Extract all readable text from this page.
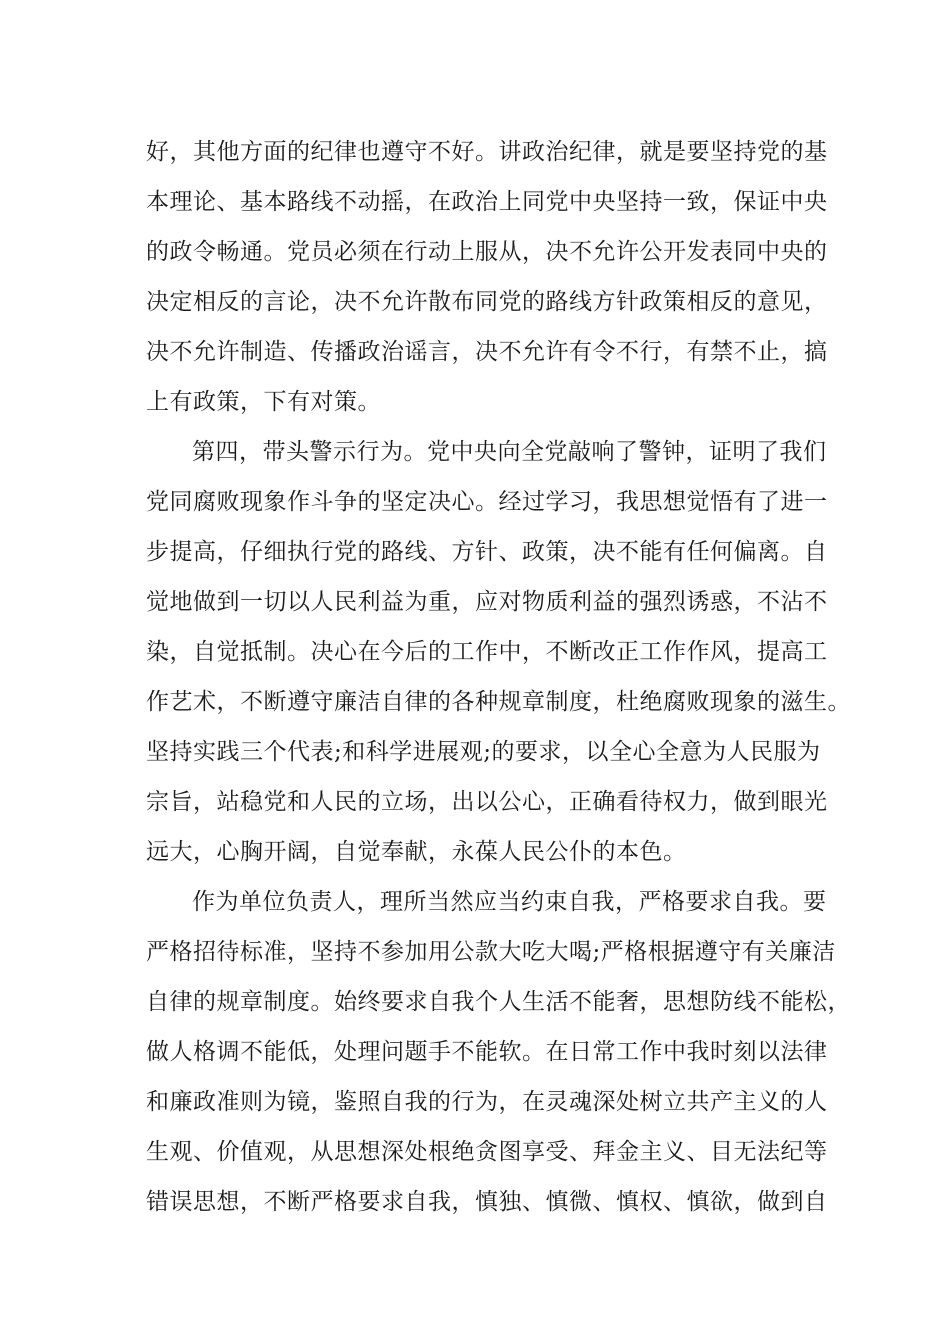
好，其他方面的纪律也遵守不好。讲政治纪律，就是要坚持党的基
本理论、基本路线不动摇，在政治上同党中央坚持一致，保证中央
的政令畅通。党员必须在行动上服从，决不允许公开发表同中央的
决定相反的言论，决不允许散布同党的路线方针政策相反的意见，
决不允许制造、传播政治谣言，决不允许有令不行，有禁不止，搞
上有政策，下有对策。
第四，带头警示行为。党中央向全党敲响了警钟，证明了我们
党同腐败现象作斗争的坚定决心。经过学习，我思想觉悟有了进一
步提高，仔细执行党的路线、方针、政策，决不能有任何偏离。自
觉地做到一切以人民利益为重，应对物质利益的强烈诱惑，不沾不
染，自觉抵制。决心在今后的工作中，不断改正工作作风，提高工
作艺术，不断遵守廉洁自律的各种规章制度，杜绝腐败现象的滋生。
坚持实践三个代表;和科学进展观;的要求，以全心全意为人民服为
宗旨，站稳党和人民的立场，出以公心，正确看待权力，做到眼光
远大，心胸开阔，自觉奉献，永葆人民公仆的本色。
作为单位负责人，理所当然应当约束自我，严格要求自我。要
严格招待标准，坚持不参加用公款大吃大喝;严格根据遵守有关廉洁
自律的规章制度。始终要求自我个人生活不能奢，思想防线不能松，
做人格调不能低，处理问题手不能软。在日常工作中我时刻以法律
和廉政准则为镜，鉴照自我的行为，在灵魂深处树立共产主义的人
生观、价值观，从思想深处根绝贪图享受、拜金主义、目无法纪等
错误思想，不断严格要求自我，慎独、慎微、慎权、慎欲，做到自
